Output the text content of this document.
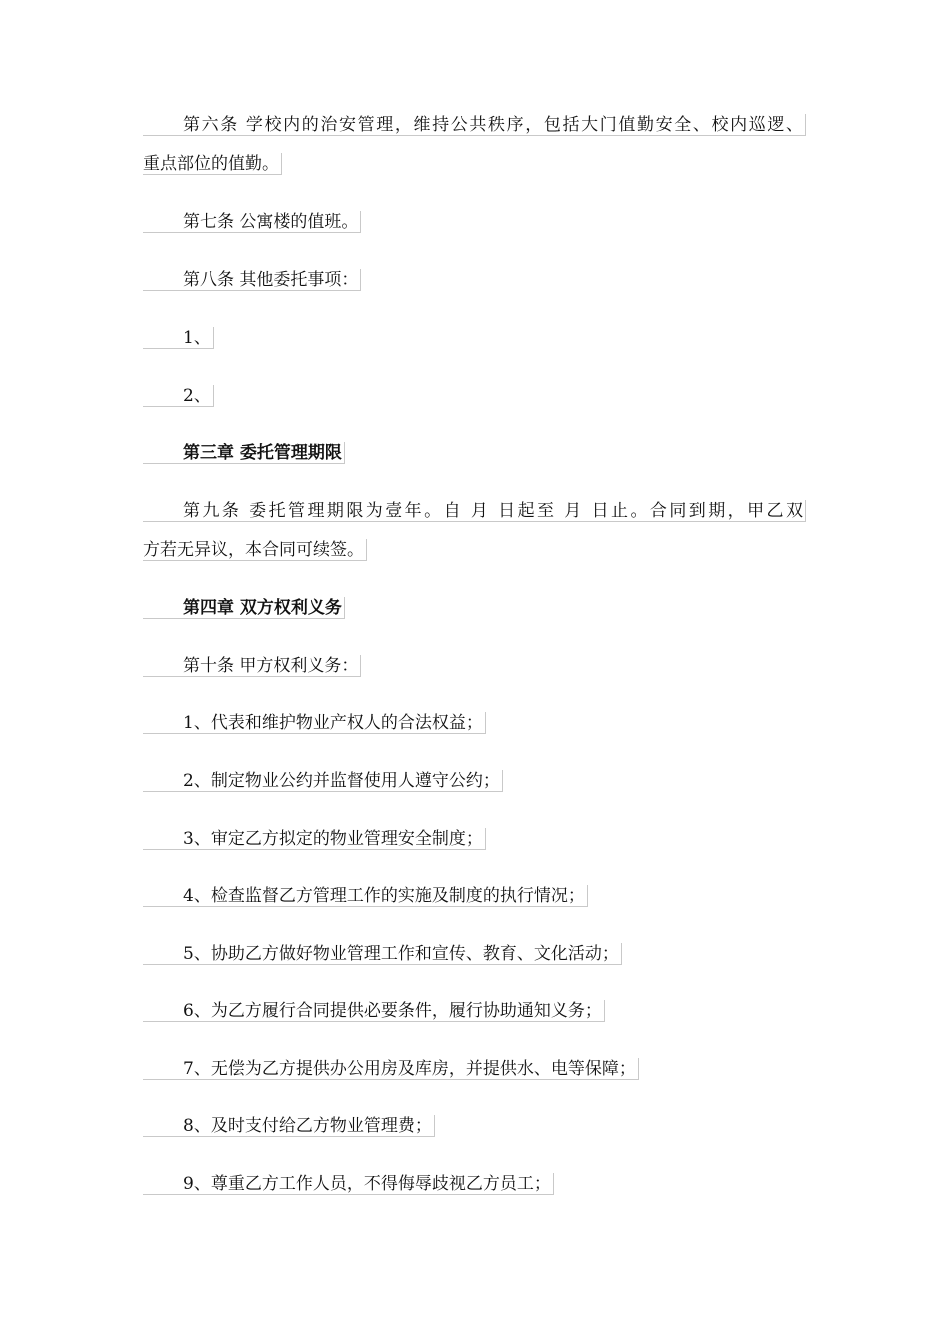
第六条 学校内的治安管理，维持公共秩序，包括大门值勤安全、校内巡逻、
重点部位的值勤。
第七条 公寓楼的值班。
第八条 其他委托事项：
1、
2、
第三章 委托管理期限
第九条 委托管理期限为壹年。自 月 日起至 月 日止。合同到期，甲乙双
方若无异议，本合同可续签。
第四章 双方权利义务
第十条 甲方权利义务：
1、代表和维护物业产权人的合法权益；
2、制定物业公约并监督使用人遵守公约；
3、审定乙方拟定的物业管理安全制度；
4、检查监督乙方管理工作的实施及制度的执行情况；
5、协助乙方做好物业管理工作和宣传、教育、文化活动；
6、为乙方履行合同提供必要条件，履行协助通知义务；
7、无偿为乙方提供办公用房及库房，并提供水、电等保障；
8、及时支付给乙方物业管理费；
9、尊重乙方工作人员，不得侮辱歧视乙方员工；
